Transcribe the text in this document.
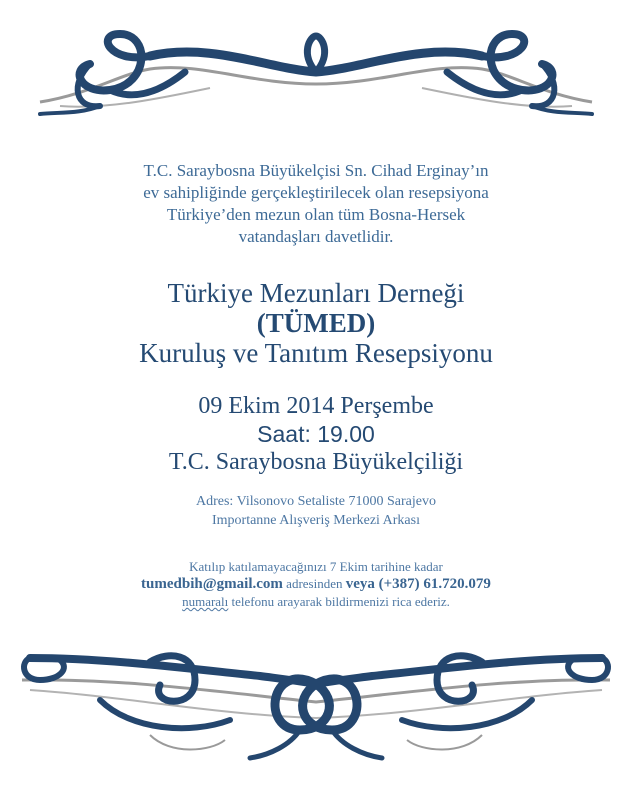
T.C. Saraybosna Büyükelçisi Sn. Cihad Erginay’ın
ev sahipliğinde gerçekleştirilecek olan resepsiyona
Türkiye’den mezun olan tüm Bosna-Hersek
vatandaşları davetlidir.
Türkiye Mezunları Derneği
(TÜMED)
Kuruluş ve Tanıtım Resepsiyonu
09 Ekim 2014 Perşembe
Saat: 19.00
T.C. Saraybosna Büyükelçiliği
Adres: Vilsonovo Setaliste 71000 Sarajevo
Importanne Alışveriş Merkezi Arkası
Katılıp katılamayacağınızı 7 Ekim tarihine kadar
tumedbih@gmail.com adresinden veya (+387) 61.720.079
numaralı telefonu arayarak bildirmenizi rica ederiz.
